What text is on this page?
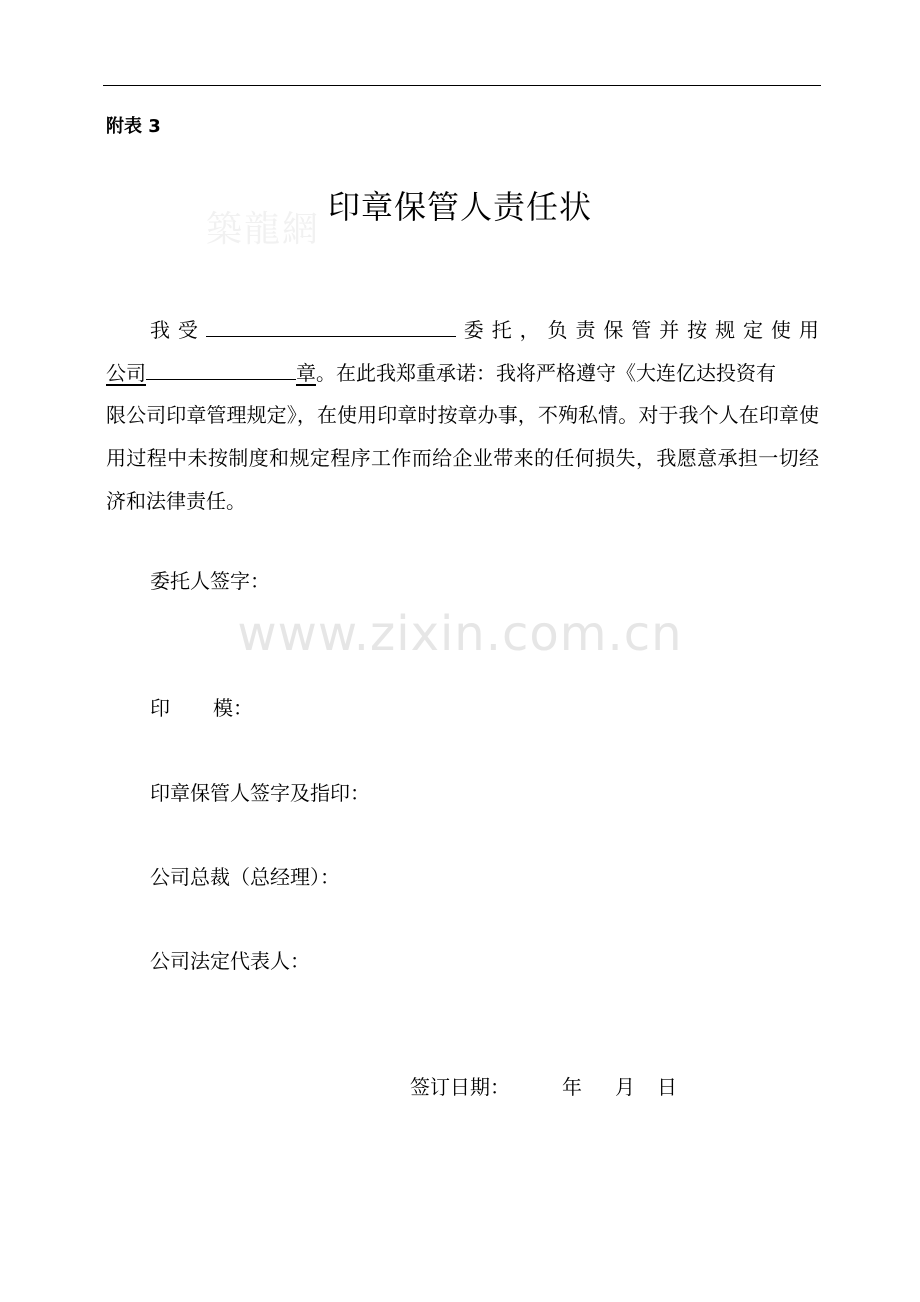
附表 3
築龍網
印章保管人责任状
我 受	委 托 ， 负 责 保 管 并 按 规 定 使 用
公司	章。在此我郑重承诺：我将严格遵守《大连亿达投资有
限公司印章管理规定》，在使用印章时按章办事，不殉私情。对于我个人在印章使用过程中未按制度和规定程序工作而给企业带来的任何损失，我愿意承担一切经济和法律责任。
www.zixin.com.cn
委托人签字：
印 模：
印章保管人签字及指印：
公司总裁（总经理）：
公司法定代表人：
签订日期：	年 月 日
